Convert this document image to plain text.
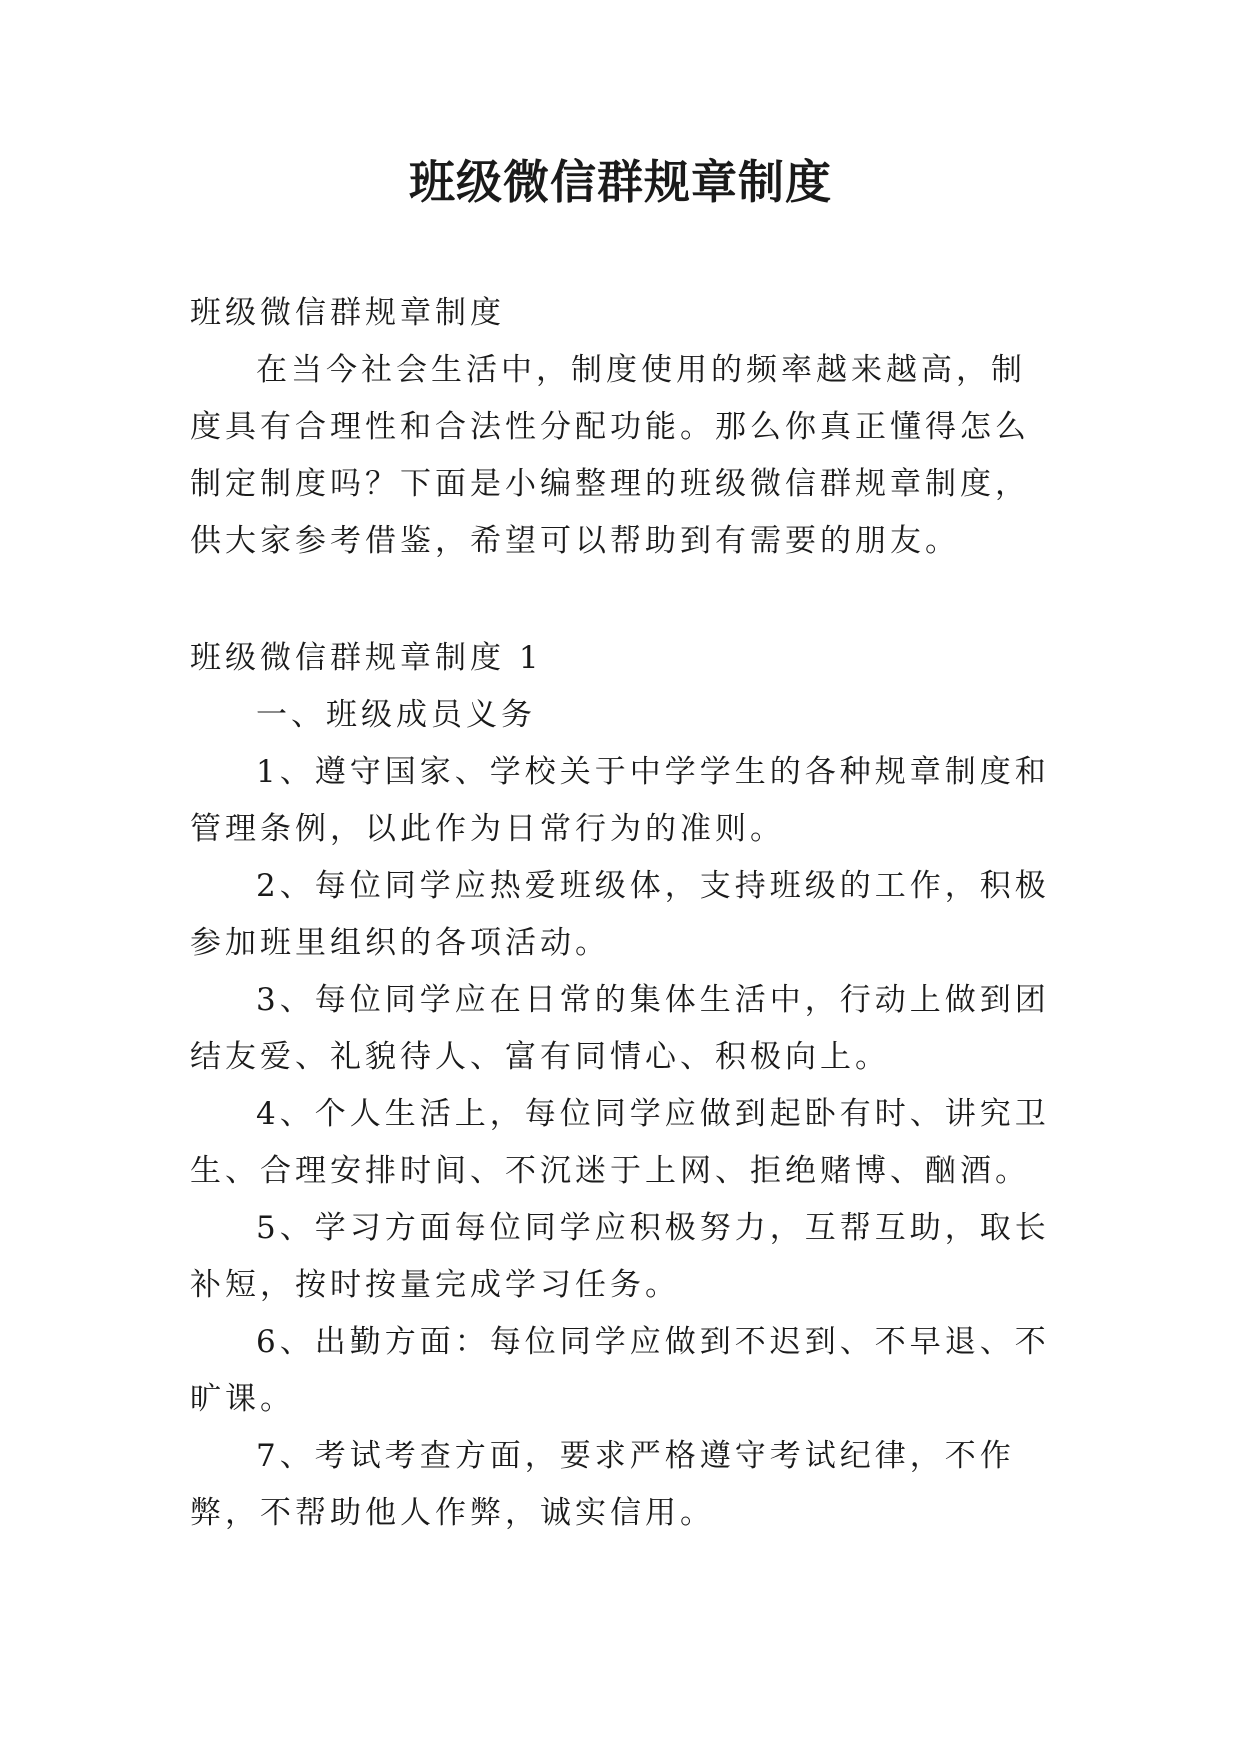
班级微信群规章制度

班级微信群规章制度

在当今社会生活中，制度使用的频率越来越高，制度具有合理性和合法性分配功能。那么你真正懂得怎么制定制度吗？下面是小编整理的班级微信群规章制度，供大家参考借鉴，希望可以帮助到有需要的朋友。

班级微信群规章制度 1

一、班级成员义务

1、遵守国家、学校关于中学学生的各种规章制度和管理条例，以此作为日常行为的准则。

2、每位同学应热爱班级体，支持班级的工作，积极参加班里组织的各项活动。

3、每位同学应在日常的集体生活中，行动上做到团结友爱、礼貌待人、富有同情心、积极向上。

4、个人生活上，每位同学应做到起卧有时、讲究卫生、合理安排时间、不沉迷于上网、拒绝赌博、酗酒。

5、学习方面每位同学应积极努力，互帮互助，取长补短，按时按量完成学习任务。

6、出勤方面：每位同学应做到不迟到、不早退、不旷课。

7、考试考查方面，要求严格遵守考试纪律，不作弊，不帮助他人作弊，诚实信用。
